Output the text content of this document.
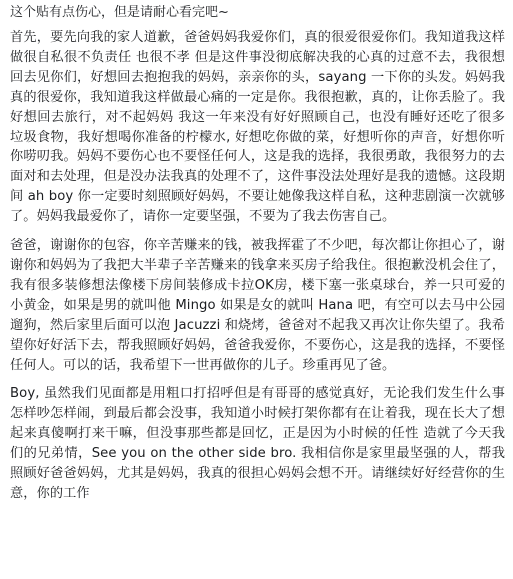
这个贴有点伤心，但是请耐心看完吧~

首先，要先向我的家人道歉，爸爸妈妈我爱你们，真的很爱很爱你们。我知道我这样做很自私很不负责任 也很不孝 但是这件事没彻底解决我的心真的过意不去，我很想回去见你们，好想回去抱抱我的妈妈，亲亲你的头，sayang 一下你的头发。妈妈我真的很爱你，我知道我这样做最心痛的一定是你。我很抱歉，真的，让你丢脸了。我好想回去旅行，对不起妈妈 我这一年来没有好好照顾自己，也没有睡好还吃了很多垃圾食物，我好想喝你准备的柠檬水, 好想吃你做的菜，好想听你的声音，好想你听你唠叨我。妈妈不要伤心也不要怪任何人，这是我的选择，我很勇敢，我很努力的去面对和去处理，但是没办法我真的处理不了，这件事没法处理好是我的遗憾。这段期间 ah boy 你一定要时刻照顾好妈妈，不要让她像我这样自私，这种悲剧演一次就够了。妈妈我最爱你了，请你一定要坚强，不要为了我去伤害自己。

爸爸，谢谢你的包容，你辛苦赚来的钱，被我挥霍了不少吧，每次都让你担心了，谢谢你和妈妈为了我把大半辈子辛苦赚来的钱拿来买房子给我住。很抱歉没机会住了，我有很多装修想法像楼下房间装修成卡拉OK房，楼下塞一张桌球台，养一只可爱的小黄金，如果是男的就叫他 Mingo 如果是女的就叫 Hana 吧，有空可以去马中公园遛狗，然后家里后面可以泡 Jacuzzi 和烧烤，爸爸对不起我又再次让你失望了。我希望你好好活下去，帮我照顾好妈妈，爸爸我爱你，不要伤心，这是我的选择，不要怪任何人。可以的话，我希望下一世再做你的儿子。珍重再见了爸。

Boy, 虽然我们见面都是用粗口打招呼但是有哥哥的感觉真好，无论我们发生什么事 怎样吵怎样闹，到最后都会没事，我知道小时候打架你都有在让着我，现在长大了想起来真傻啊打来干嘛，但没事那些都是回忆，正是因为小时候的任性 造就了今天我们的兄弟情，See you on the other side bro. 我相信你是家里最坚强的人，帮我照顾好爸爸妈妈，尤其是妈妈，我真的很担心妈妈会想不开。请继续好好经营你的生意，你的工作
